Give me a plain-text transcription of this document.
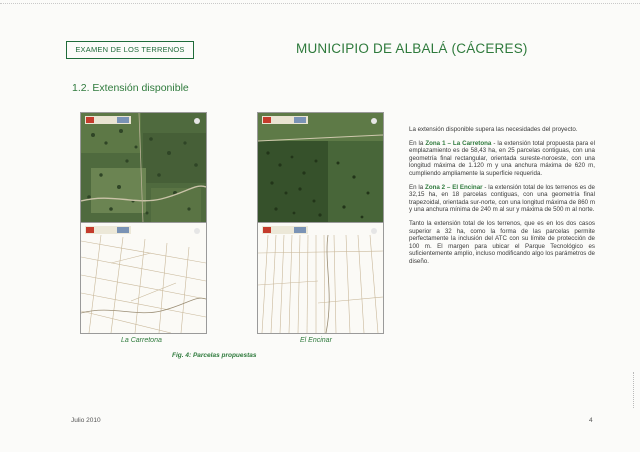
EXAMEN DE LOS TERRENOS	MUNICIPIO DE ALBALÁ (CÁCERES)
1.2. Extensión disponible
La Carretona	El Encinar
Fig. 4: Parcelas propuestas

La extensión disponible supera las necesidades del proyecto.

En la Zona 1 – La Carretona - la extensión total propuesta para el emplazamiento es de 58,43 ha, en 25 parcelas contiguas, con una geometría final rectangular, orientada sureste-noroeste, con una longitud máxima de 1.120 m y una anchura máxima de 620 m, cumpliendo ampliamente la superficie requerida.

En la Zona 2 – El Encinar - la extensión total de los terrenos es de 32,15 ha, en 18 parcelas contiguas, con una geometría final trapezoidal, orientada sur-norte, con una longitud máxima de 860 m y una anchura mínima de 240 m al sur y máxima de 500 m al norte.

Tanto la extensión total de los terrenos, que es en los dos casos superior a 32 ha, como la forma de las parcelas permite perfectamente la inclusión del ATC con su límite de protección de 100 m. El margen para ubicar el Parque Tecnológico es suficientemente amplio, incluso modificando algo los parámetros de diseño.

Julio 2010	4
